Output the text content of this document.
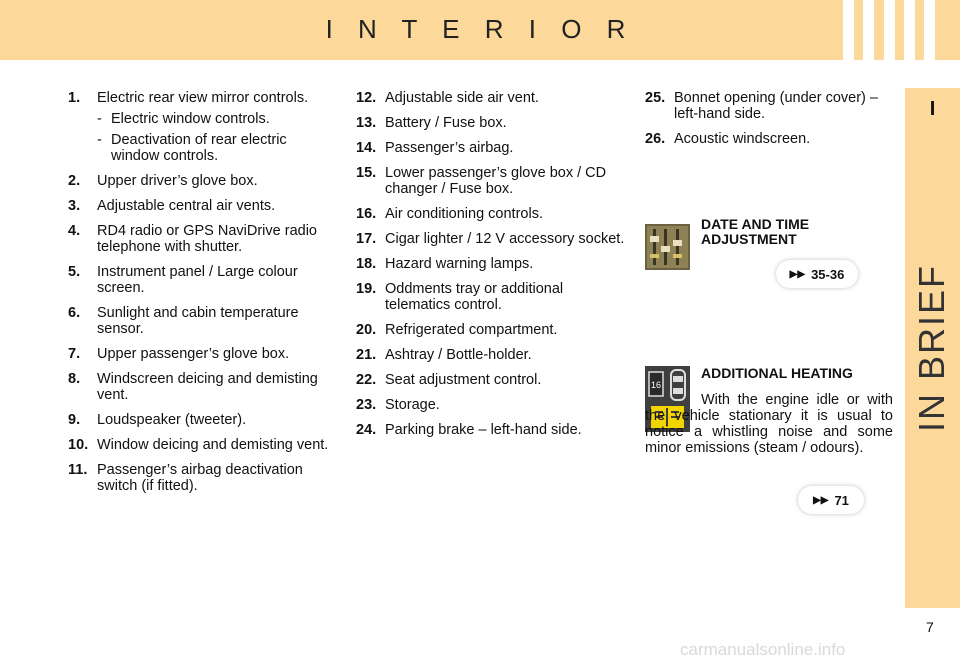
I N T E R I O R
I
IN BRIEF
1. Electric rear view mirror controls.
- Electric window controls.
- Deactivation of rear electric window controls.
2. Upper driver’s glove box.
3. Adjustable central air vents.
4. RD4 radio or GPS NaviDrive radio telephone with shutter.
5. Instrument panel / Large colour screen.
6. Sunlight and cabin temperature sensor.
7. Upper passenger’s glove box.
8. Windscreen deicing and demisting vent.
9. Loudspeaker (tweeter).
10. Window deicing and demisting vent.
11. Passenger’s airbag deactivation switch (if fitted).
12. Adjustable side air vent.
13. Battery / Fuse box.
14. Passenger’s airbag.
15. Lower passenger’s glove box / CD changer / Fuse box.
16. Air conditioning controls.
17. Cigar lighter / 12 V accessory socket.
18. Hazard warning lamps.
19. Oddments tray or additional telematics control.
20. Refrigerated compartment.
21. Ashtray / Bottle-holder.
22. Seat adjustment control.
23. Storage.
24. Parking brake – left-hand side.
25. Bonnet opening (under cover) – left-hand side.
26. Acoustic windscreen.
DATE AND TIME
ADJUSTMENT
▶▶ 35-36
16
ADDITIONAL HEATING
With the engine idle or with the vehicle stationary it is usual to notice a whistling noise and some minor emissions (steam / odours).
▶▶ 71
7
carmanualsonline.info
